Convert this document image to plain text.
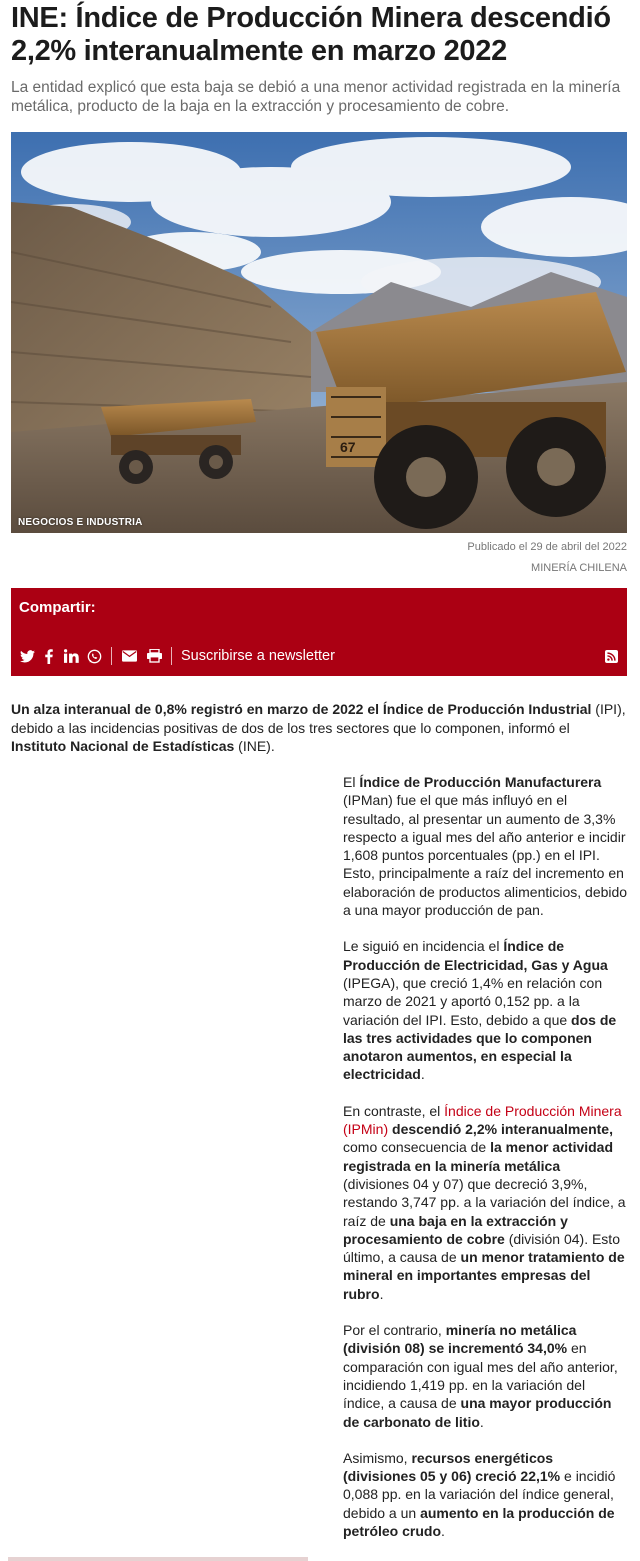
INE: Índice de Producción Minera descendió 2,2% interanualmente en marzo 2022
La entidad explicó que esta baja se debió a una menor actividad registrada en la minería metálica, producto de la baja en la extracción y procesamiento de cobre.
67
NEGOCIOS E INDUSTRIA
Publicado el 29 de abril del 2022
MINERÍA CHILENA
Compartir:
Suscribirse a newsletter
Un alza interanual de 0,8% registró en marzo de 2022 el Índice de Producción Industrial (IPI), debido a las incidencias positivas de dos de los tres sectores que lo componen, informó el Instituto Nacional de Estadísticas (INE).

El Índice de Producción Manufacturera (IPMan) fue el que más influyó en el resultado, al presentar un aumento de 3,3% respecto a igual mes del año anterior e incidir 1,608 puntos porcentuales (pp.) en el IPI. Esto, principalmente a raíz del incremento en elaboración de productos alimenticios, debido a una mayor producción de pan.

Le siguió en incidencia el Índice de Producción de Electricidad, Gas y Agua (IPEGA), que creció 1,4% en relación con marzo de 2021 y aportó 0,152 pp. a la variación del IPI. Esto, debido a que dos de las tres actividades que lo componen anotaron aumentos, en especial la electricidad.

En contraste, el Índice de Producción Minera (IPMin) descendió 2,2% interanualmente, como consecuencia de la menor actividad registrada en la minería metálica (divisiones 04 y 07) que decreció 3,9%, restando 3,747 pp. a la variación del índice, a raíz de una baja en la extracción y procesamiento de cobre (división 04). Esto último, a causa de un menor tratamiento de mineral en importantes empresas del rubro.

Por el contrario, minería no metálica (división 08) se incrementó 34,0% en comparación con igual mes del año anterior, incidiendo 1,419 pp. en la variación del índice, a causa de una mayor producción de carbonato de litio.

Asimismo, recursos energéticos (divisiones 05 y 06) creció 22,1% e incidió 0,088 pp. en la variación del índice general, debido a un aumento en la producción de petróleo crudo.
